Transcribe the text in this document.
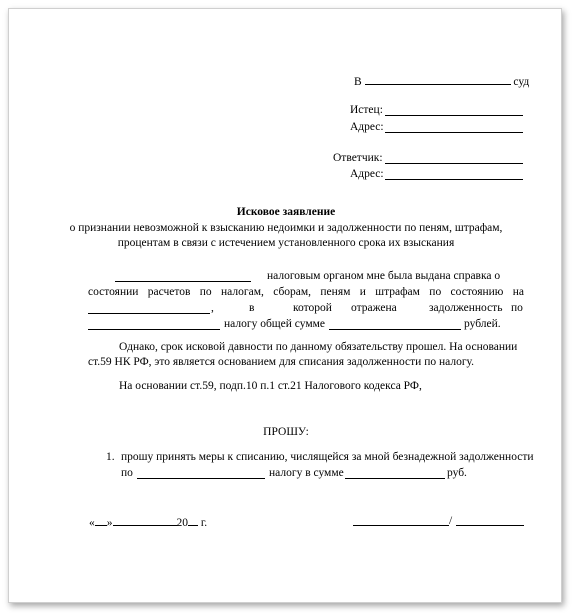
В	суд
Истец:
Адрес:
Ответчик:
Адрес:
Исковое заявление
о признании невозможной к взысканию недоимки и задолженности по пеням, штрафам,
процентам в связи с истечением установленного срока их взыскания
налоговым органом мне была выдана справка о
состоянии расчетов по налогам, сборам, пеням и штрафам по состоянию на
,	в	которой отражена	задолженность по
налогу общей сумме	рублей.
Однако, срок исковой давности по данному обязательству прошел. На основании
ст.59 НК РФ, это является основанием для списания задолженности по налогу.
На основании ст.59, подп.10 п.1 ст.21 Налогового кодекса РФ,
ПРОШУ:
1. прошу принять меры к списанию, числящейся за мной безнадежной задолженности
по	налогу в сумме	руб.
« »	20 г.	/
